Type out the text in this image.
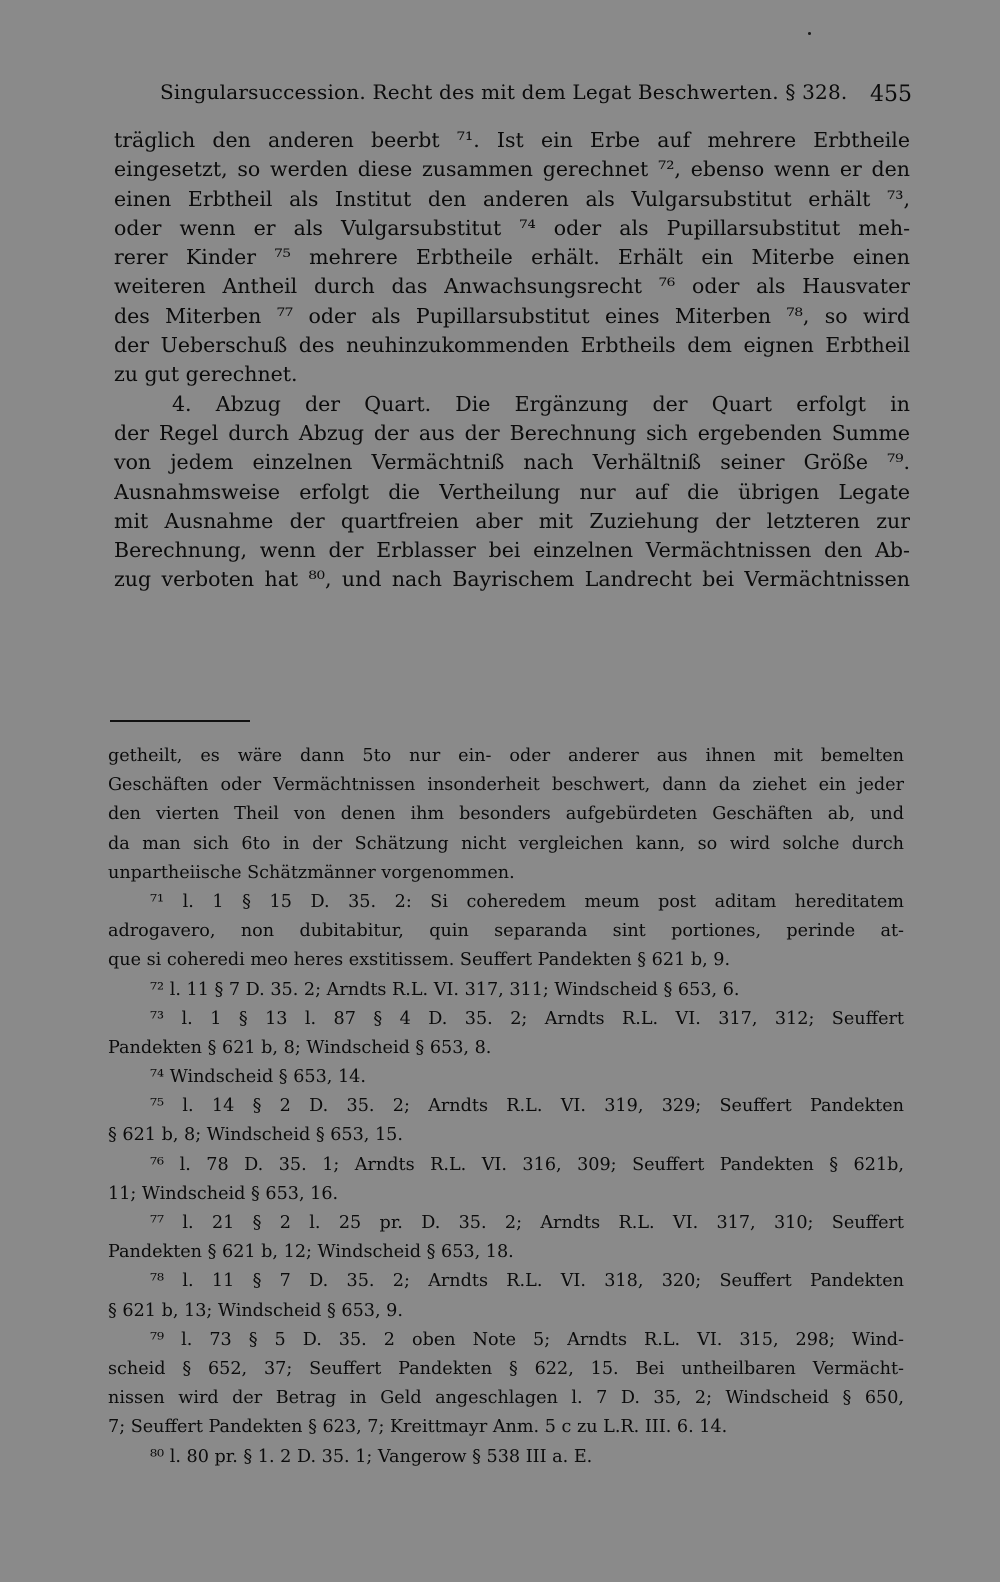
Singularsuccession. Recht des mit dem Legat Beschwerten. § 328. 455
träglich den anderen beerbt ⁷¹. Ist ein Erbe auf mehrere Erbtheile
eingesetzt, so werden diese zusammen gerechnet ⁷², ebenso wenn er den
einen Erbtheil als Institut den anderen als Vulgarsubstitut erhält ⁷³,
oder wenn er als Vulgarsubstitut ⁷⁴ oder als Pupillarsubstitut meh-
rerer Kinder ⁷⁵ mehrere Erbtheile erhält. Erhält ein Miterbe einen
weiteren Antheil durch das Anwachsungsrecht ⁷⁶ oder als Hausvater
des Miterben ⁷⁷ oder als Pupillarsubstitut eines Miterben ⁷⁸, so wird
der Ueberschuß des neuhinzukommenden Erbtheils dem eignen Erbtheil
zu gut gerechnet.
4. Abzug der Quart. Die Ergänzung der Quart erfolgt in
der Regel durch Abzug der aus der Berechnung sich ergebenden Summe
von jedem einzelnen Vermächtniß nach Verhältniß seiner Größe ⁷⁹.
Ausnahmsweise erfolgt die Vertheilung nur auf die übrigen Legate
mit Ausnahme der quartfreien aber mit Zuziehung der letzteren zur
Berechnung, wenn der Erblasser bei einzelnen Vermächtnissen den Ab-
zug verboten hat ⁸⁰, und nach Bayrischem Landrecht bei Vermächtnissen
getheilt, es wäre dann 5to nur ein- oder anderer aus ihnen mit bemelten
Geschäften oder Vermächtnissen insonderheit beschwert, dann da ziehet ein jeder
den vierten Theil von denen ihm besonders aufgebürdeten Geschäften ab, und
da man sich 6to in der Schätzung nicht vergleichen kann, so wird solche durch
unpartheiische Schätzmänner vorgenommen.
⁷¹ l. 1 § 15 D. 35. 2: Si coheredem meum post aditam hereditatem
adrogavero, non dubitabitur, quin separanda sint portiones, perinde at-
que si coheredi meo heres exstitissem. Seuffert Pandekten § 621 b, 9.
⁷² l. 11 § 7 D. 35. 2; Arndts R.L. VI. 317, 311; Windscheid § 653, 6.
⁷³ l. 1 § 13 l. 87 § 4 D. 35. 2; Arndts R.L. VI. 317, 312; Seuffert
Pandekten § 621 b, 8; Windscheid § 653, 8.
⁷⁴ Windscheid § 653, 14.
⁷⁵ l. 14 § 2 D. 35. 2; Arndts R.L. VI. 319, 329; Seuffert Pandekten
§ 621 b, 8; Windscheid § 653, 15.
⁷⁶ l. 78 D. 35. 1; Arndts R.L. VI. 316, 309; Seuffert Pandekten § 621b,
11; Windscheid § 653, 16.
⁷⁷ l. 21 § 2 l. 25 pr. D. 35. 2; Arndts R.L. VI. 317, 310; Seuffert
Pandekten § 621 b, 12; Windscheid § 653, 18.
⁷⁸ l. 11 § 7 D. 35. 2; Arndts R.L. VI. 318, 320; Seuffert Pandekten
§ 621 b, 13; Windscheid § 653, 9.
⁷⁹ l. 73 § 5 D. 35. 2 oben Note 5; Arndts R.L. VI. 315, 298; Wind-
scheid § 652, 37; Seuffert Pandekten § 622, 15. Bei untheilbaren Vermächt-
nissen wird der Betrag in Geld angeschlagen l. 7 D. 35, 2; Windscheid § 650,
7; Seuffert Pandekten § 623, 7; Kreittmayr Anm. 5 c zu L.R. III. 6. 14.
⁸⁰ l. 80 pr. § 1. 2 D. 35. 1; Vangerow § 538 III a. E.
